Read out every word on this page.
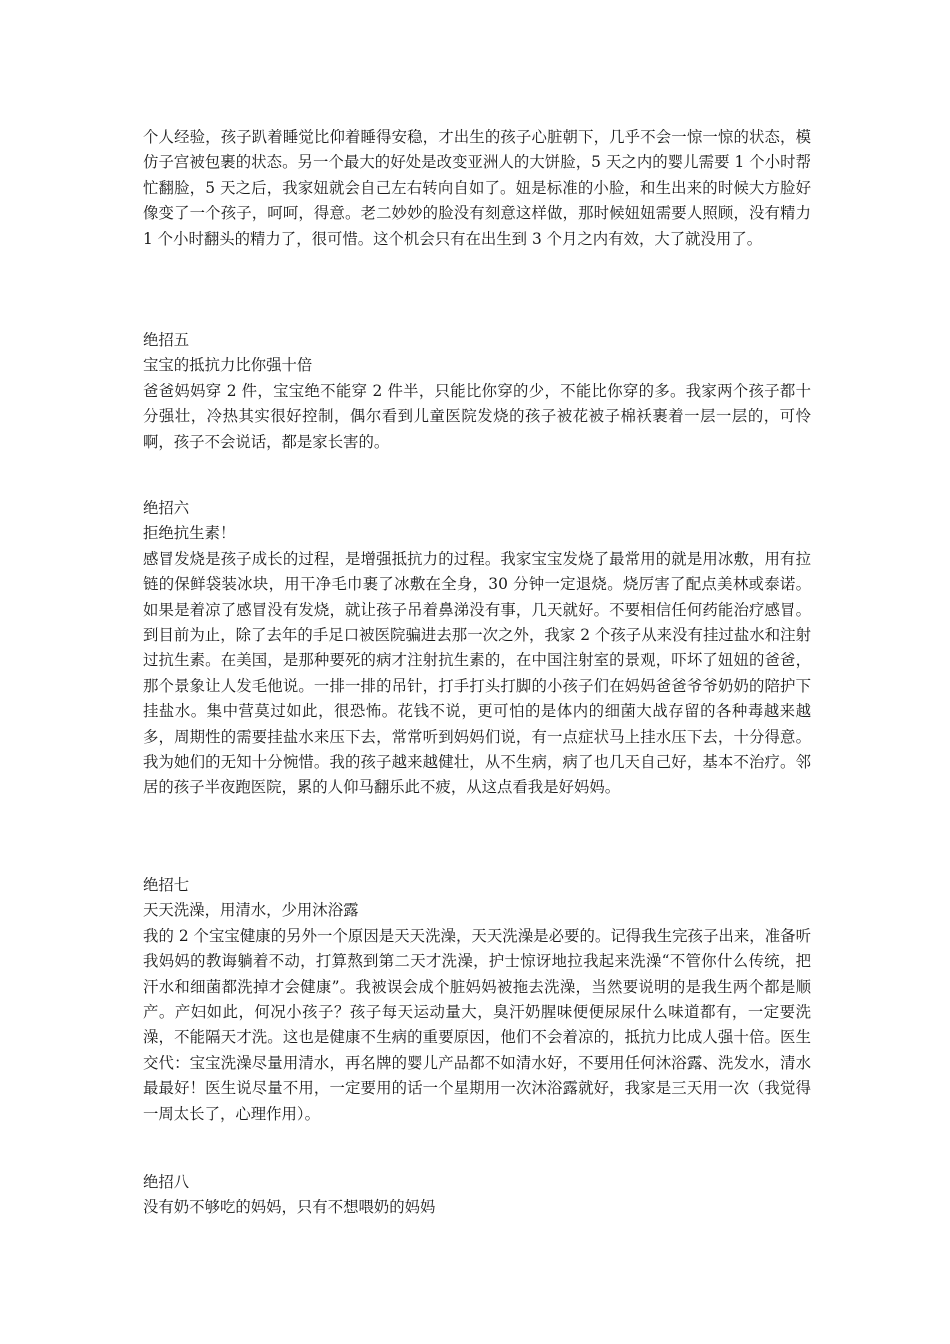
个人经验，孩子趴着睡觉比仰着睡得安稳，才出生的孩子心脏朝下，几乎不会一惊一惊的状态，模仿子宫被包裹的状态。另一个最大的好处是改变亚洲人的大饼脸，5 天之内的婴儿需要 1 个小时帮忙翻脸，5 天之后，我家妞就会自己左右转向自如了。妞是标准的小脸，和生出来的时候大方脸好像变了一个孩子，呵呵，得意。老二妙妙的脸没有刻意这样做，那时候妞妞需要人照顾，没有精力 1 个小时翻头的精力了，很可惜。这个机会只有在出生到 3 个月之内有效，大了就没用了。

绝招五

宝宝的抵抗力比你强十倍

爸爸妈妈穿 2 件，宝宝绝不能穿 2 件半，只能比你穿的少，不能比你穿的多。我家两个孩子都十分强壮，冷热其实很好控制，偶尔看到儿童医院发烧的孩子被花被子棉袄裹着一层一层的，可怜啊，孩子不会说话，都是家长害的。

绝招六

拒绝抗生素！

感冒发烧是孩子成长的过程，是增强抵抗力的过程。我家宝宝发烧了最常用的就是用冰敷，用有拉链的保鲜袋装冰块，用干净毛巾裹了冰敷在全身，30 分钟一定退烧。烧厉害了配点美林或泰诺。如果是着凉了感冒没有发烧，就让孩子吊着鼻涕没有事，几天就好。不要相信任何药能治疗感冒。到目前为止，除了去年的手足口被医院骗进去那一次之外，我家 2 个孩子从来没有挂过盐水和注射过抗生素。在美国，是那种要死的病才注射抗生素的，在中国注射室的景观，吓坏了妞妞的爸爸，那个景象让人发毛他说。一排一排的吊针，打手打头打脚的小孩子们在妈妈爸爸爷爷奶奶的陪护下挂盐水。集中营莫过如此，很恐怖。花钱不说，更可怕的是体内的细菌大战存留的各种毒越来越多，周期性的需要挂盐水来压下去，常常听到妈妈们说，有一点症状马上挂水压下去，十分得意。我为她们的无知十分惋惜。我的孩子越来越健壮，从不生病，病了也几天自己好，基本不治疗。邻居的孩子半夜跑医院，累的人仰马翻乐此不疲，从这点看我是好妈妈。

绝招七

天天洗澡，用清水，少用沐浴露

我的 2 个宝宝健康的另外一个原因是天天洗澡，天天洗澡是必要的。记得我生完孩子出来，准备听我妈妈的教诲躺着不动，打算熬到第二天才洗澡，护士惊讶地拉我起来洗澡“不管你什么传统，把汗水和细菌都洗掉才会健康”。我被误会成个脏妈妈被拖去洗澡，当然要说明的是我生两个都是顺产。产妇如此，何况小孩子？孩子每天运动量大，臭汗奶腥味便便尿尿什么味道都有，一定要洗澡，不能隔天才洗。这也是健康不生病的重要原因，他们不会着凉的，抵抗力比成人强十倍。医生交代：宝宝洗澡尽量用清水，再名牌的婴儿产品都不如清水好，不要用任何沐浴露、洗发水，清水最最好！医生说尽量不用，一定要用的话一个星期用一次沐浴露就好，我家是三天用一次（我觉得一周太长了，心理作用）。

绝招八

没有奶不够吃的妈妈，只有不想喂奶的妈妈
